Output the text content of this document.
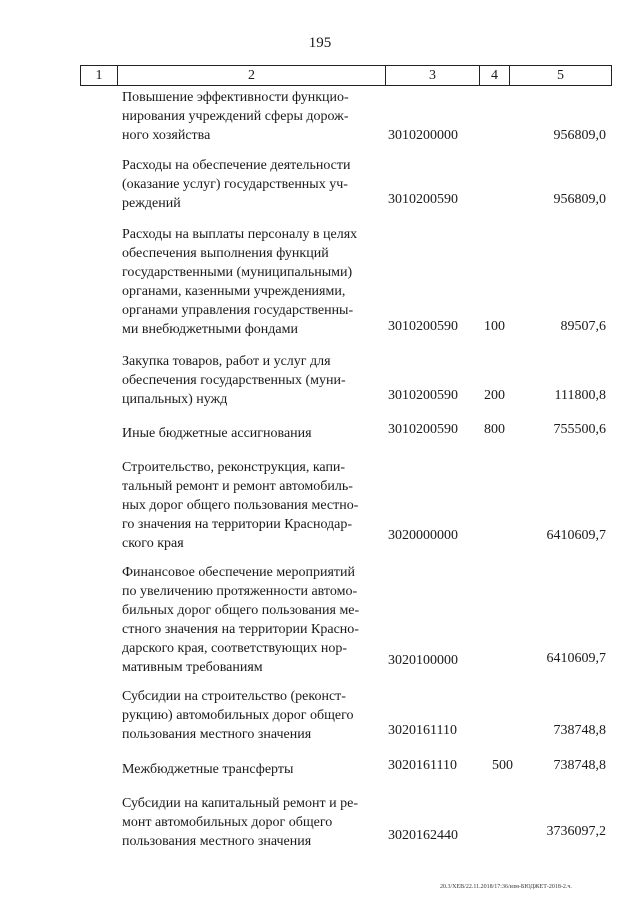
195
1	2	3	4	5
Повышение эффективности функцио-
нирования учреждений сферы дорож-
ного хозяйства	3010200000	956809,0
Расходы на обеспечение деятельности
(оказание услуг) государственных уч-
реждений	3010200590	956809,0
Расходы на выплаты персоналу в целях
обеспечения выполнения функций
государственными (муниципальными)
органами, казенными учреждениями,
органами управления государственны-
ми внебюджетными фондами	3010200590 100	89507,6
Закупка товаров, работ и услуг для
обеспечения государственных (муни-
ципальных) нужд	3010200590 200	111800,8
Иные бюджетные ассигнования	3010200590 800	755500,6
Строительство, реконструкция, капи-
тальный ремонт и ремонт автомобиль-
ных дорог общего пользования местно-
го значения на территории Краснодар-
ского края
3020000000	6410609,7
Финансовое обеспечение мероприятий
по увеличению протяженности автомо-
бильных дорог общего пользования ме-
стного значения на территории Красно-
дарского края, соответствующих нор-
мативным требованиям	3020100000	6410609,7
Субсидии на строительство (реконст-
рукцию) автомобильных дорог общего
пользования местного значения	3020161110	738748,8
Межбюджетные трансферты	3020161110	500	738748,8
Субсидии на капитальный ремонт и ре-
монт автомобильных дорог общего
пользования местного значения	3020162440	3736097,2
20.3/ХЕВ/22.11.2018/17:36/изм-БЮДЖЕТ-2018-2.ч.
